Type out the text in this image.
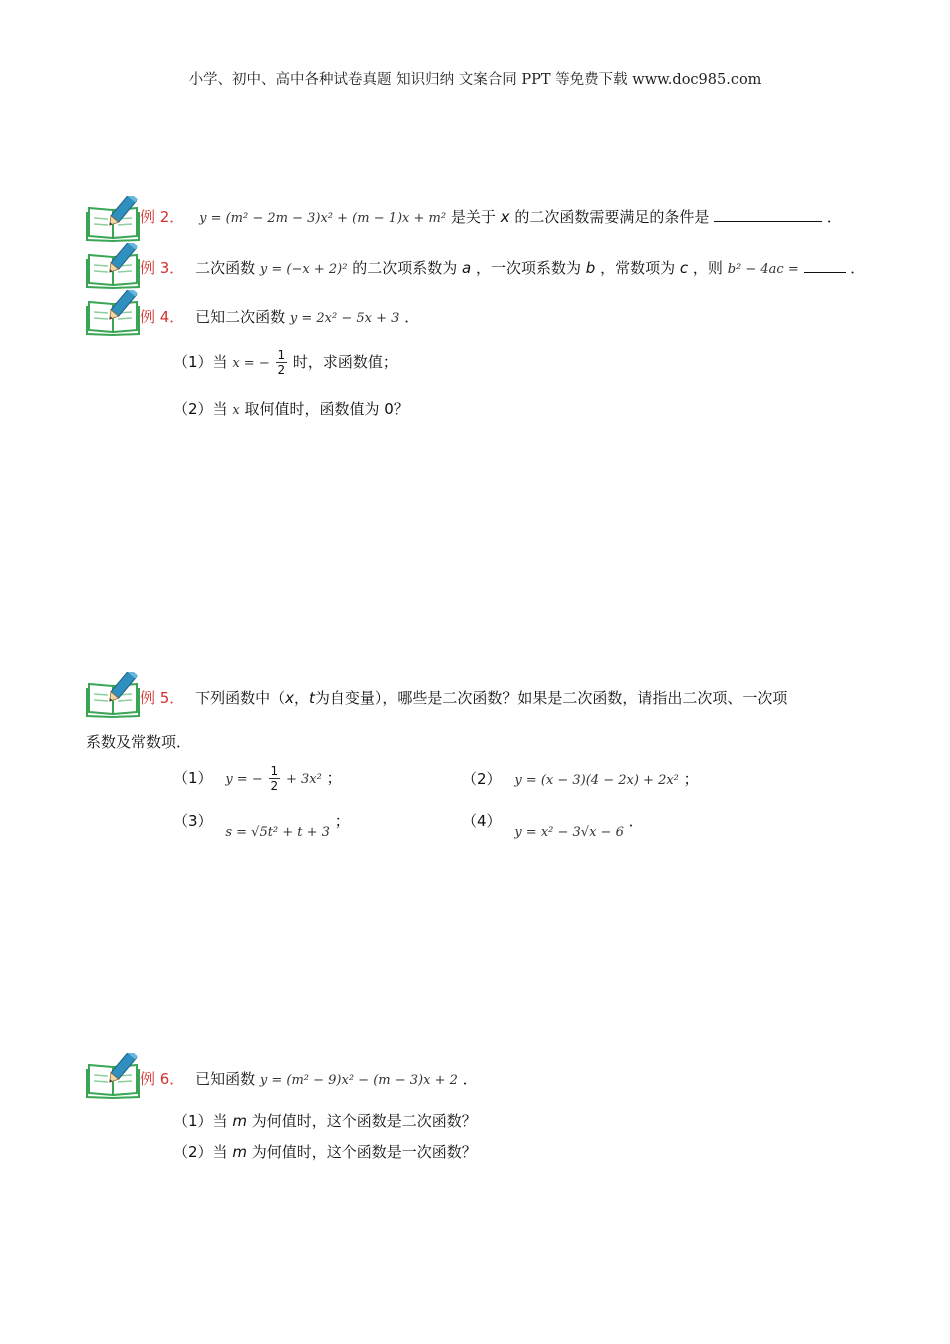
小学、初中、高中各种试卷真题 知识归纳 文案合同 PPT 等免费下载 www.doc985.com
例 2． y = (m² − 2m − 3)x² + (m − 1)x + m² 是关于 x 的二次函数需要满足的条件是	．
例 3． 二次函数 y = (−x + 2)² 的二次项系数为 a ，一次项系数为 b ，常数项为 c ，则 b² − 4ac =	．
例 4． 已知二次函数 y = 2x² − 5x + 3 ．
（1）当 x = − $\frac{1}{2}$ 时，求函数值；
（2）当 x 取何值时，函数值为 0？
例 5． 下列函数中（x，t为自变量），哪些是二次函数？如果是二次函数，请指出二次项、一次项
系数及常数项．
（1） y = − $\frac{1}{2} + 3x^2$ ；	（2） y = (x − 3)(4 − 2x) + 2x² ；
（3） s = √5t² + t + 3 ；	（4） y = x² − 3√x − 6 ．
例 6． 已知函数 y = (m² − 9)x² − (m − 3)x + 2 ．
（1）当 m 为何值时，这个函数是二次函数？
（2）当 m 为何值时，这个函数是一次函数？
